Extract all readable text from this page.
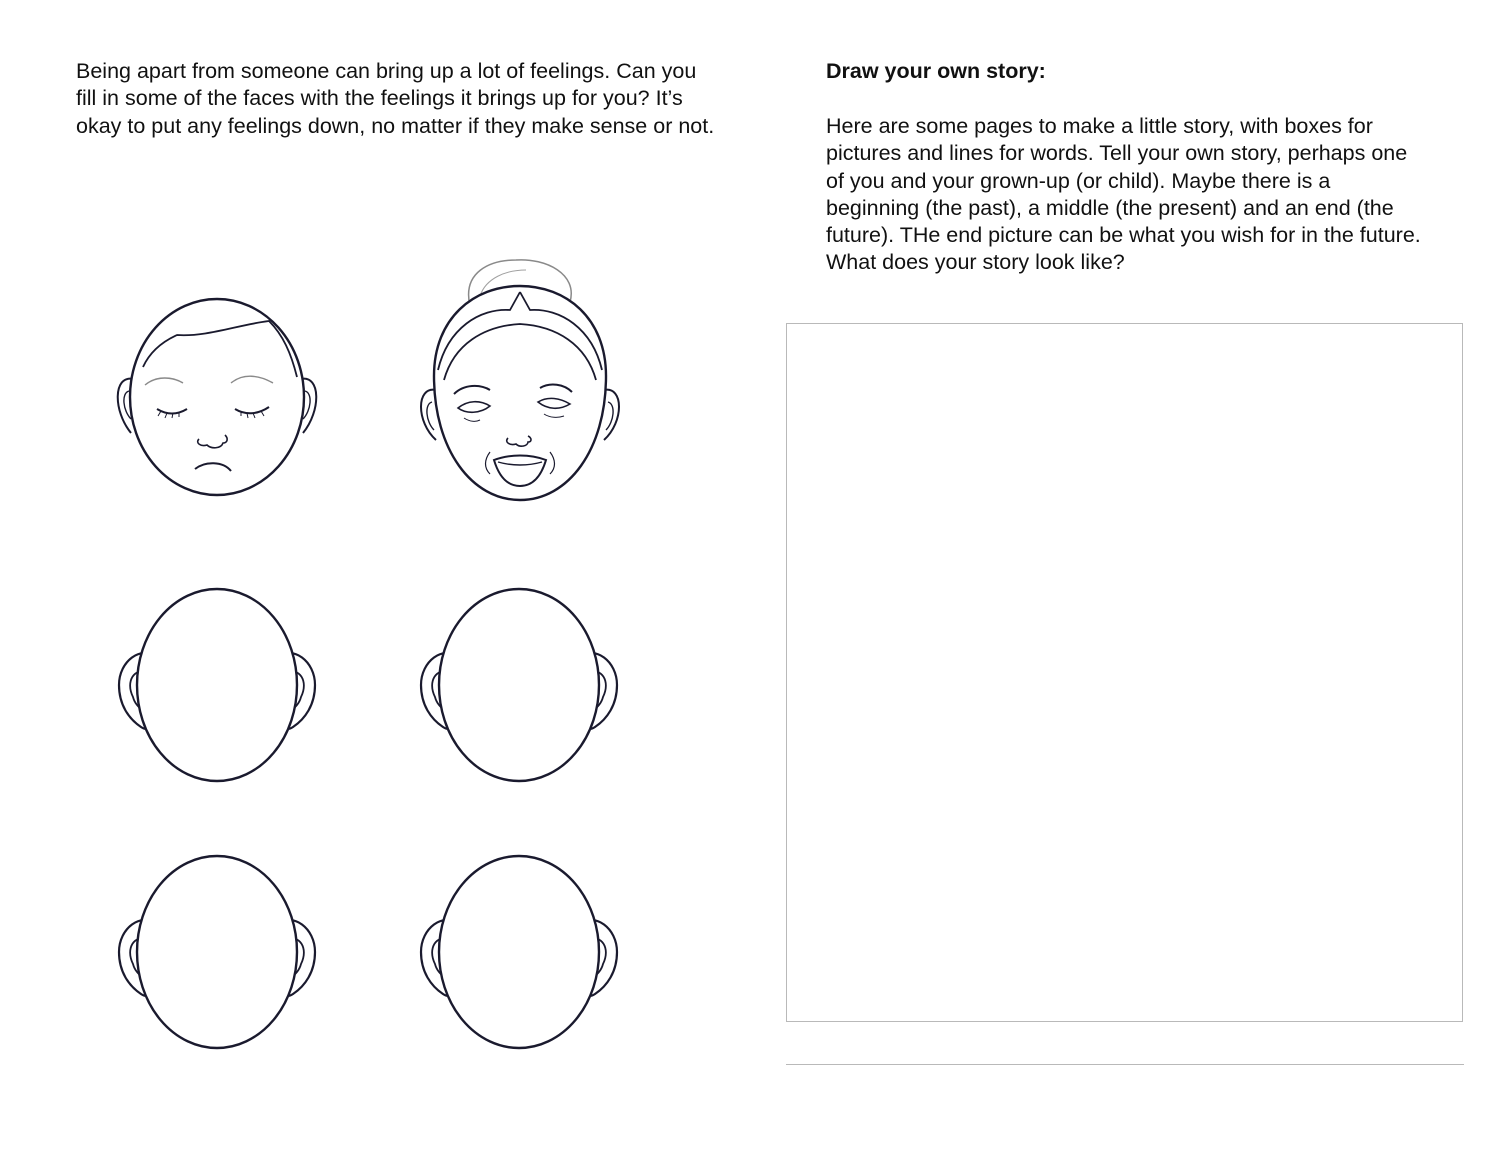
Being apart from someone can bring up a lot of feelings. Can you fill in some of the faces with the feelings it brings up for you? It’s okay to put any feelings down, no matter if they make sense or not.

Draw your own story:

Here are some pages to make a little story, with boxes for pictures and lines for words. Tell your own story, perhaps one of you and your grown-up (or child). Maybe there is a beginning (the past), a middle (the present) and an end (the future). THe end picture can be what you wish for in the future. What does your story look like?
